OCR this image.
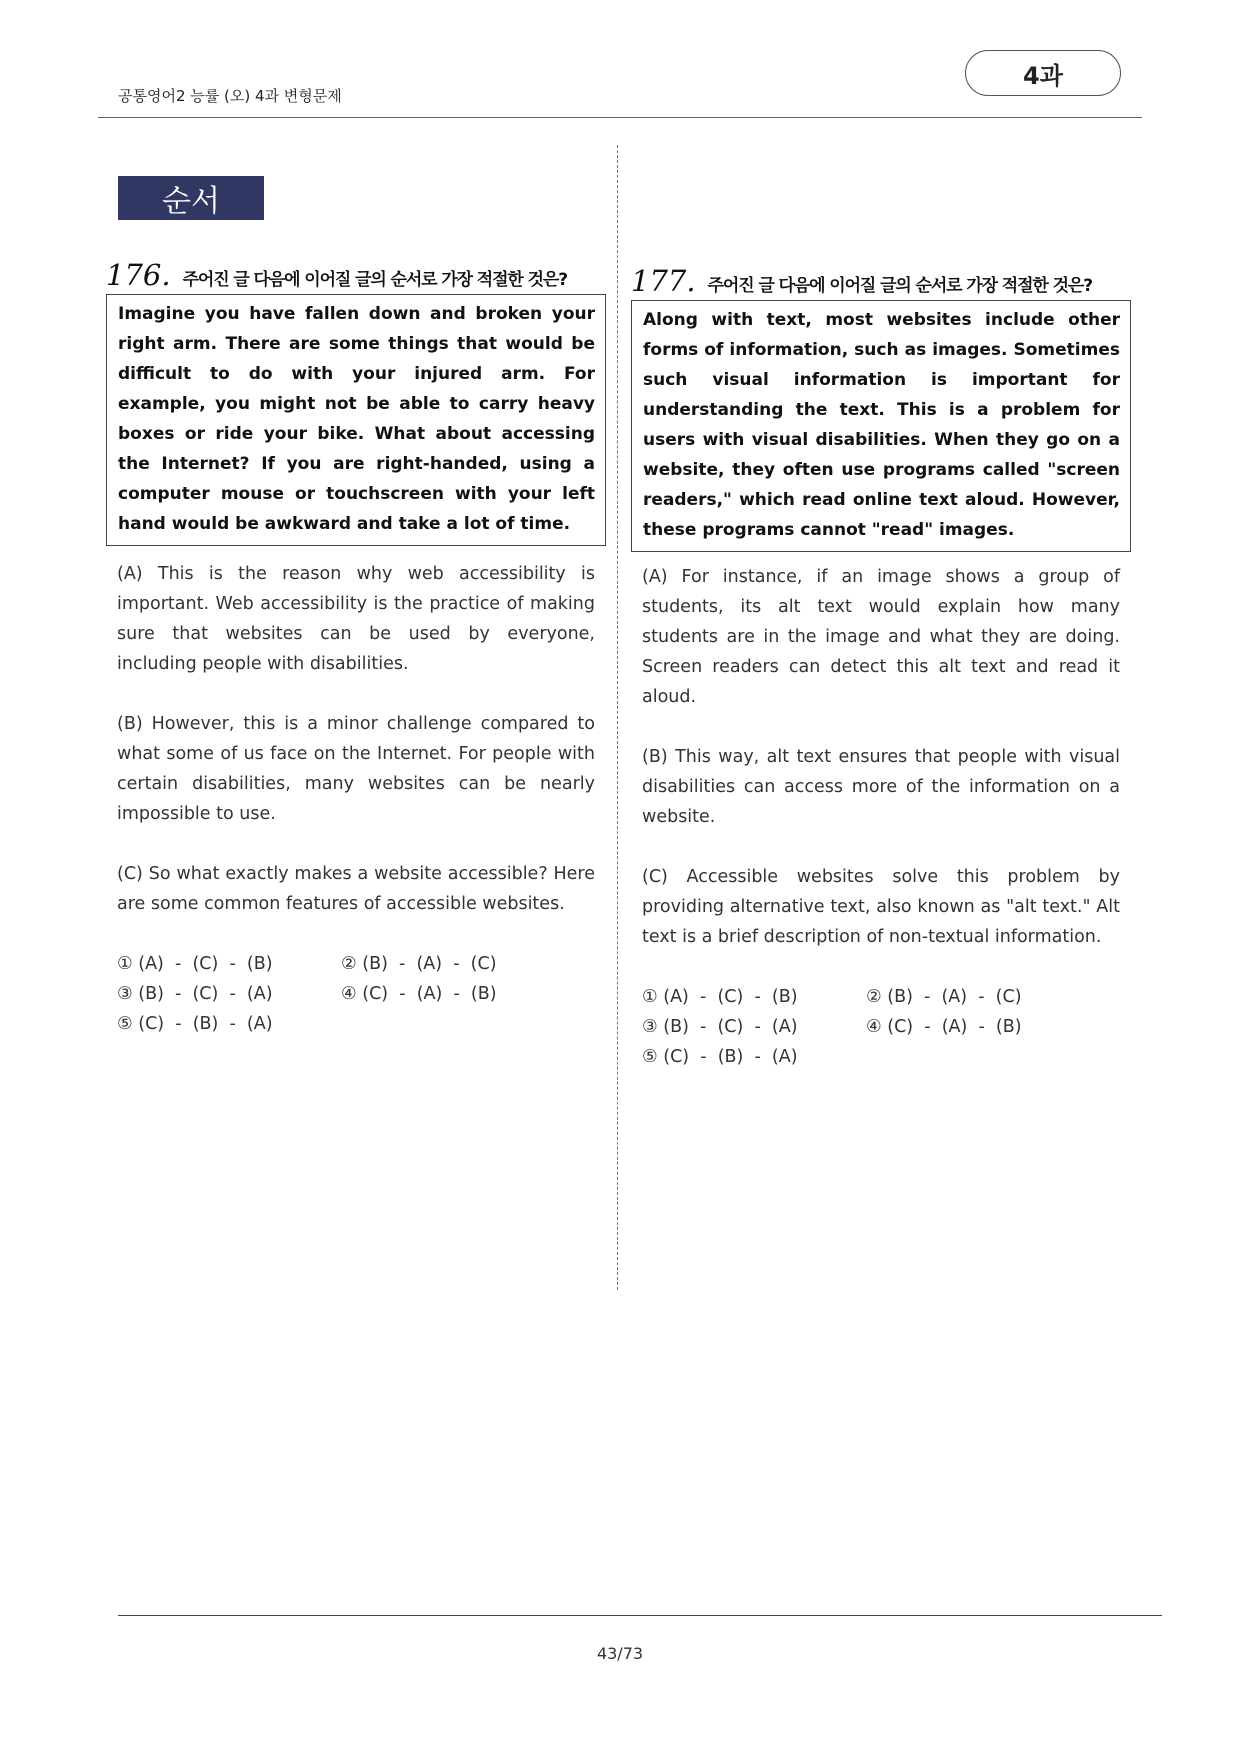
공통영어2 능률 (오) 4과 변형문제
4과
순서
176. 주어진 글 다음에 이어질 글의 순서로 가장 적절한 것은?
Imagine you have fallen down and broken your right arm. There are some things that would be difficult to do with your injured arm. For example, you might not be able to carry heavy boxes or ride your bike. What about accessing the Internet? If you are right-handed, using a computer mouse or touchscreen with your left hand would be awkward and take a lot of time.

(A) This is the reason why web accessibility is important. Web accessibility is the practice of making sure that websites can be used by everyone, including people with disabilities.

(B) However, this is a minor challenge compared to what some of us face on the Internet. For people with certain disabilities, many websites can be nearly impossible to use.

(C) So what exactly makes a website accessible? Here are some common features of accessible websites.

① (A)  -  (C)  -  (B)	② (B)  -  (A)  -  (C)
③ (B)  -  (C)  -  (A)	④ (C)  -  (A)  -  (B)
⑤ (C)  -  (B)  -  (A)
177. 주어진 글 다음에 이어질 글의 순서로 가장 적절한 것은?
Along with text, most websites include other forms of information, such as images. Sometimes such visual information is important for understanding the text. This is a problem for users with visual disabilities. When they go on a website, they often use programs called "screen readers," which read online text aloud. However, these programs cannot "read" images.

(A) For instance, if an image shows a group of students, its alt text would explain how many students are in the image and what they are doing. Screen readers can detect this alt text and read it aloud.

(B) This way, alt text ensures that people with visual disabilities can access more of the information on a website.

(C) Accessible websites solve this problem by providing alternative text, also known as "alt text." Alt text is a brief description of non-textual information.

① (A)  -  (C)  -  (B)	② (B)  -  (A)  -  (C)
③ (B)  -  (C)  -  (A)	④ (C)  -  (A)  -  (B)
⑤ (C)  -  (B)  -  (A)
43/73
